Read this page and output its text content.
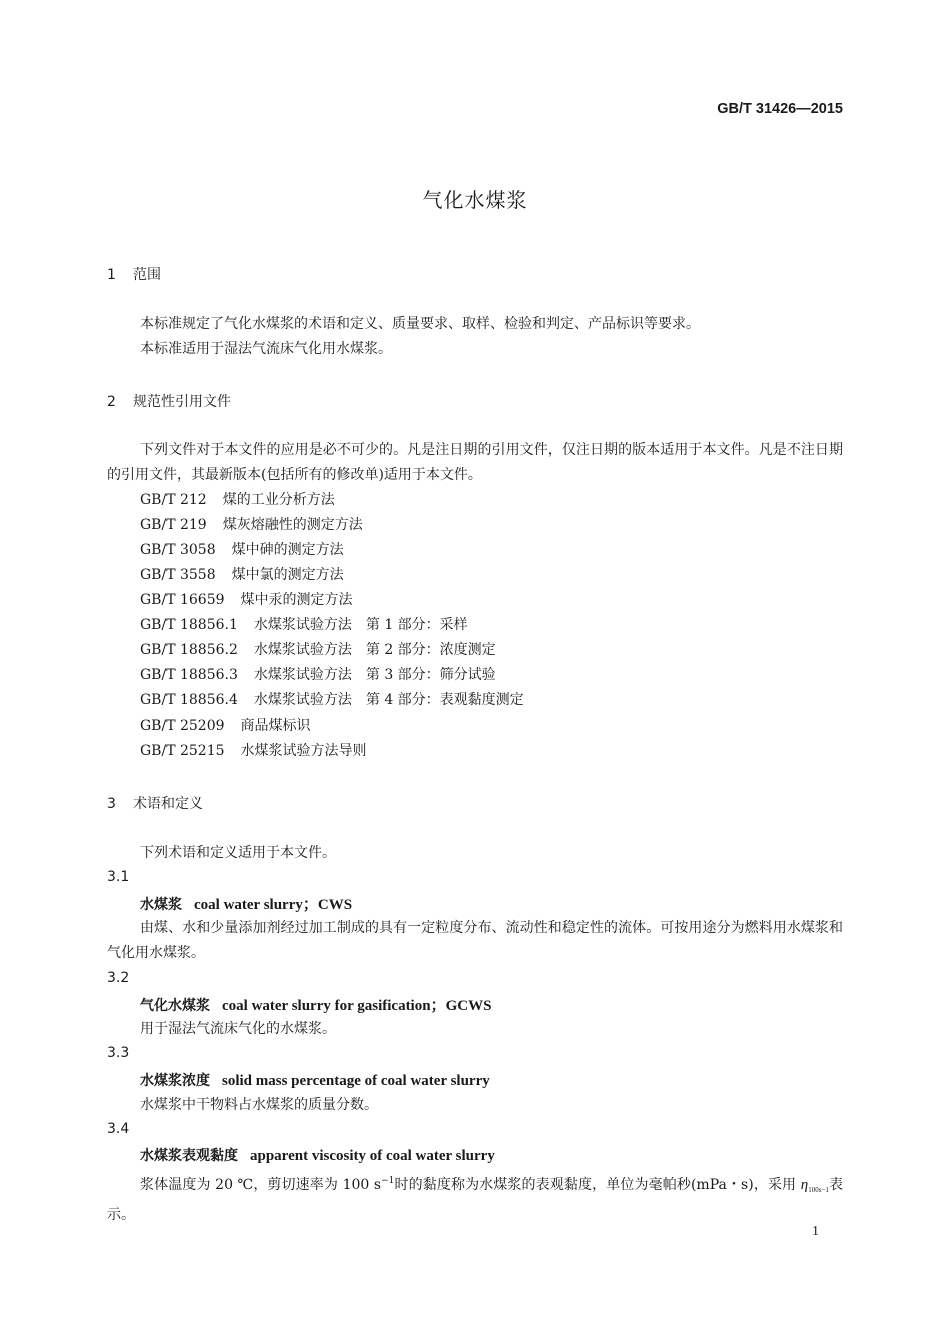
GB/T 31426—2015
气化水煤浆
1 范围
本标准规定了气化水煤浆的术语和定义、质量要求、取样、检验和判定、产品标识等要求。
本标准适用于湿法气流床气化用水煤浆。
2 规范性引用文件
下列文件对于本文件的应用是必不可少的。凡是注日期的引用文件，仅注日期的版本适用于本文件。凡是不注日期的引用文件，其最新版本(包括所有的修改单)适用于本文件。
GB/T 212 煤的工业分析方法
GB/T 219 煤灰熔融性的测定方法
GB/T 3058 煤中砷的测定方法
GB/T 3558 煤中氯的测定方法
GB/T 16659 煤中汞的测定方法
GB/T 18856.1 水煤浆试验方法　第 1 部分：采样
GB/T 18856.2 水煤浆试验方法　第 2 部分：浓度测定
GB/T 18856.3 水煤浆试验方法　第 3 部分：筛分试验
GB/T 18856.4 水煤浆试验方法　第 4 部分：表观黏度测定
GB/T 25209 商品煤标识
GB/T 25215 水煤浆试验方法导则
3 术语和定义
下列术语和定义适用于本文件。
3.1
水煤浆 coal water slurry；CWS
由煤、水和少量添加剂经过加工制成的具有一定粒度分布、流动性和稳定性的流体。可按用途分为燃料用水煤浆和气化用水煤浆。
3.2
气化水煤浆 coal water slurry for gasification；GCWS
用于湿法气流床气化的水煤浆。
3.3
水煤浆浓度 solid mass percentage of coal water slurry
水煤浆中干物料占水煤浆的质量分数。
3.4
水煤浆表观黏度 apparent viscosity of coal water slurry
浆体温度为 20 ℃，剪切速率为 100 $s^{-1}$时的黏度称为水煤浆的表观黏度，单位为毫帕秒(mPa・s)，采用 $\eta_{100s-1}$表示。
1
